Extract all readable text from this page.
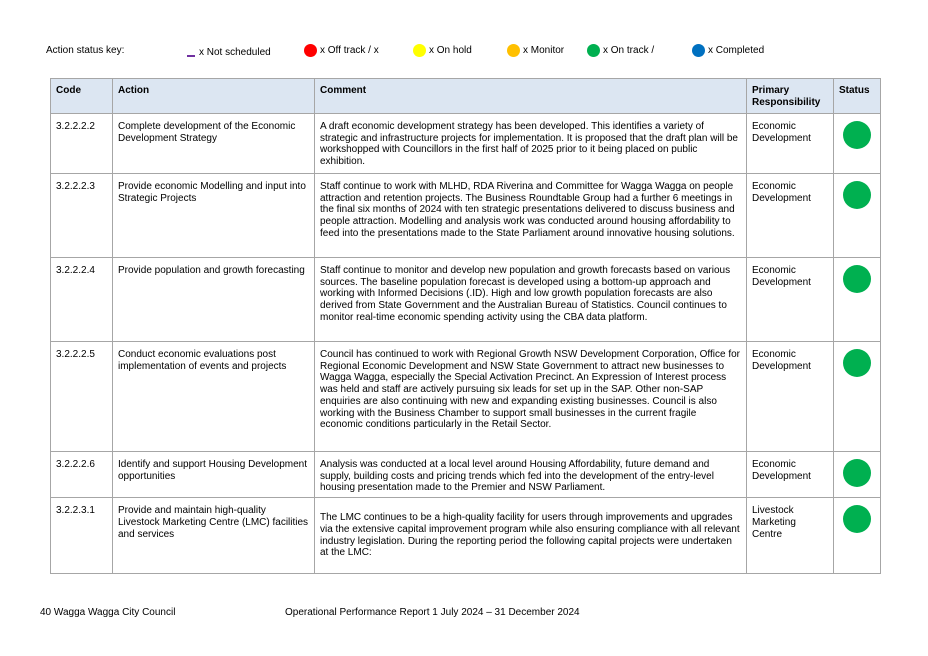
Action status key:	x Not scheduled	x Off track / x	x On hold	x Monitor	x On track /	x Completed
Code	Action	Comment	Primary Responsibility	Status
3.2.2.2.2	Complete development of the Economic Development Strategy	A draft economic development strategy has been developed. This identifies a variety of strategic and infrastructure projects for implementation. It is proposed that the draft plan will be workshopped with Councillors in the first half of 2025 prior to it being placed on public exhibition.	Economic Development	
3.2.2.2.3	Provide economic Modelling and input into Strategic Projects	Staff continue to work with MLHD, RDA Riverina and Committee for Wagga Wagga on people attraction and retention projects. The Business Roundtable Group had a further 6 meetings in the final six months of 2024 with ten strategic presentations delivered to discuss business and people attraction. Modelling and analysis work was conducted around housing affordability to feed into the presentations made to the State Parliament around innovative housing solutions.	Economic Development	
3.2.2.2.4	Provide population and growth forecasting	Staff continue to monitor and develop new population and growth forecasts based on various sources. The baseline population forecast is developed using a bottom-up approach and working with Informed Decisions (.ID). High and low growth population forecasts are also derived from State Government and the Australian Bureau of Statistics. Council continues to monitor real-time economic spending activity using the CBA data platform.	Economic Development	
3.2.2.2.5	Conduct economic evaluations post implementation of events and projects	Council has continued to work with Regional Growth NSW Development Corporation, Office for Regional Economic Development and NSW State Government to attract new businesses to Wagga Wagga, especially the Special Activation Precinct. An Expression of Interest process was held and staff are actively pursuing six leads for set up in the SAP. Other non-SAP enquiries are also continuing with new and expanding existing businesses. Council is also working with the Business Chamber to support small businesses in the current fragile economic conditions particularly in the Retail Sector.	Economic Development	
3.2.2.2.6	Identify and support Housing Development opportunities	Analysis was conducted at a local level around Housing Affordability, future demand and supply, building costs and pricing trends which fed into the development of the entry-level housing presentation made to the Premier and NSW Parliament.	Economic Development	
3.2.2.3.1	Provide and maintain high-quality Livestock Marketing Centre (LMC) facilities and services	The LMC continues to be a high-quality facility for users through improvements and upgrades via the extensive capital improvement program while also ensuring compliance with all relevant industry legislation. During the reporting period the following capital projects were undertaken at the LMC:	Livestock Marketing Centre	
40 Wagga Wagga City Council	Operational Performance Report 1 July 2024 – 31 December 2024
